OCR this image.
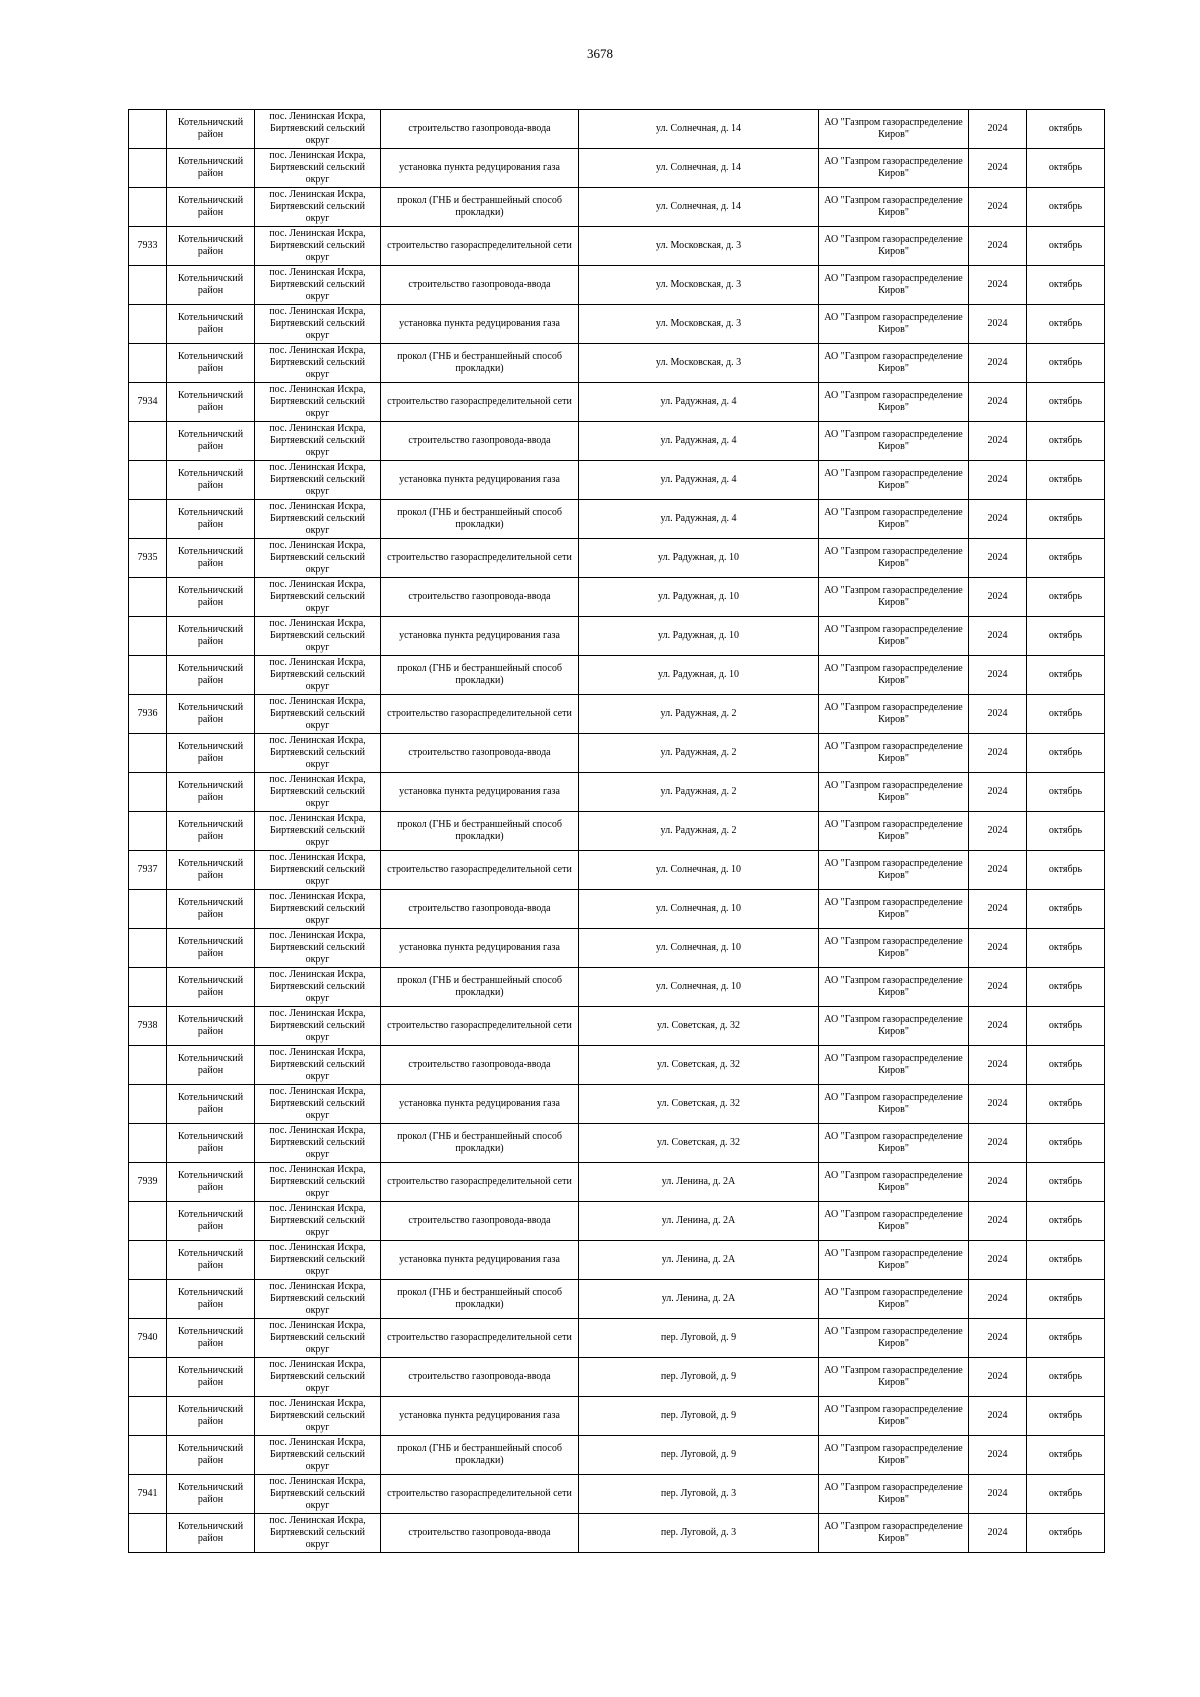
3678

	Котельничский район	пос. Ленинская Искра, Биртяевский сельский округ	строительство газопровода-ввода	ул. Солнечная, д. 14	АО "Газпром газораспределение Киров"	2024	октябрь

	Котельничский район	пос. Ленинская Искра, Биртяевский сельский округ	установка пункта редуцирования газа	ул. Солнечная, д. 14	АО "Газпром газораспределение Киров"	2024	октябрь

	Котельничский район	пос. Ленинская Искра, Биртяевский сельский округ	прокол (ГНБ и бестраншейный способ прокладки)	ул. Солнечная, д. 14	АО "Газпром газораспределение Киров"	2024	октябрь

7933	Котельничский район	пос. Ленинская Искра, Биртяевский сельский округ	строительство газораспределительной сети	ул. Московская, д. 3	АО "Газпром газораспределение Киров"	2024	октябрь

	Котельничский район	пос. Ленинская Искра, Биртяевский сельский округ	строительство газопровода-ввода	ул. Московская, д. 3	АО "Газпром газораспределение Киров"	2024	октябрь

	Котельничский район	пос. Ленинская Искра, Биртяевский сельский округ	установка пункта редуцирования газа	ул. Московская, д. 3	АО "Газпром газораспределение Киров"	2024	октябрь

	Котельничский район	пос. Ленинская Искра, Биртяевский сельский округ	прокол (ГНБ и бестраншейный способ прокладки)	ул. Московская, д. 3	АО "Газпром газораспределение Киров"	2024	октябрь

7934	Котельничский район	пос. Ленинская Искра, Биртяевский сельский округ	строительство газораспределительной сети	ул. Радужная, д. 4	АО "Газпром газораспределение Киров"	2024	октябрь

	Котельничский район	пос. Ленинская Искра, Биртяевский сельский округ	строительство газопровода-ввода	ул. Радужная, д. 4	АО "Газпром газораспределение Киров"	2024	октябрь

	Котельничский район	пос. Ленинская Искра, Биртяевский сельский округ	установка пункта редуцирования газа	ул. Радужная, д. 4	АО "Газпром газораспределение Киров"	2024	октябрь

	Котельничский район	пос. Ленинская Искра, Биртяевский сельский округ	прокол (ГНБ и бестраншейный способ прокладки)	ул. Радужная, д. 4	АО "Газпром газораспределение Киров"	2024	октябрь

7935	Котельничский район	пос. Ленинская Искра, Биртяевский сельский округ	строительство газораспределительной сети	ул. Радужная, д. 10	АО "Газпром газораспределение Киров"	2024	октябрь

	Котельничский район	пос. Ленинская Искра, Биртяевский сельский округ	строительство газопровода-ввода	ул. Радужная, д. 10	АО "Газпром газораспределение Киров"	2024	октябрь

	Котельничский район	пос. Ленинская Искра, Биртяевский сельский округ	установка пункта редуцирования газа	ул. Радужная, д. 10	АО "Газпром газораспределение Киров"	2024	октябрь

	Котельничский район	пос. Ленинская Искра, Биртяевский сельский округ	прокол (ГНБ и бестраншейный способ прокладки)	ул. Радужная, д. 10	АО "Газпром газораспределение Киров"	2024	октябрь

7936	Котельничский район	пос. Ленинская Искра, Биртяевский сельский округ	строительство газораспределительной сети	ул. Радужная, д. 2	АО "Газпром газораспределение Киров"	2024	октябрь

	Котельничский район	пос. Ленинская Искра, Биртяевский сельский округ	строительство газопровода-ввода	ул. Радужная, д. 2	АО "Газпром газораспределение Киров"	2024	октябрь

	Котельничский район	пос. Ленинская Искра, Биртяевский сельский округ	установка пункта редуцирования газа	ул. Радужная, д. 2	АО "Газпром газораспределение Киров"	2024	октябрь

	Котельничский район	пос. Ленинская Искра, Биртяевский сельский округ	прокол (ГНБ и бестраншейный способ прокладки)	ул. Радужная, д. 2	АО "Газпром газораспределение Киров"	2024	октябрь

7937	Котельничский район	пос. Ленинская Искра, Биртяевский сельский округ	строительство газораспределительной сети	ул. Солнечная, д. 10	АО "Газпром газораспределение Киров"	2024	октябрь

	Котельничский район	пос. Ленинская Искра, Биртяевский сельский округ	строительство газопровода-ввода	ул. Солнечная, д. 10	АО "Газпром газораспределение Киров"	2024	октябрь

	Котельничский район	пос. Ленинская Искра, Биртяевский сельский округ	установка пункта редуцирования газа	ул. Солнечная, д. 10	АО "Газпром газораспределение Киров"	2024	октябрь

	Котельничский район	пос. Ленинская Искра, Биртяевский сельский округ	прокол (ГНБ и бестраншейный способ прокладки)	ул. Солнечная, д. 10	АО "Газпром газораспределение Киров"	2024	октябрь

7938	Котельничский район	пос. Ленинская Искра, Биртяевский сельский округ	строительство газораспределительной сети	ул. Советская, д. 32	АО "Газпром газораспределение Киров"	2024	октябрь

	Котельничский район	пос. Ленинская Искра, Биртяевский сельский округ	строительство газопровода-ввода	ул. Советская, д. 32	АО "Газпром газораспределение Киров"	2024	октябрь

	Котельничский район	пос. Ленинская Искра, Биртяевский сельский округ	установка пункта редуцирования газа	ул. Советская, д. 32	АО "Газпром газораспределение Киров"	2024	октябрь

	Котельничский район	пос. Ленинская Искра, Биртяевский сельский округ	прокол (ГНБ и бестраншейный способ прокладки)	ул. Советская, д. 32	АО "Газпром газораспределение Киров"	2024	октябрь

7939	Котельничский район	пос. Ленинская Искра, Биртяевский сельский округ	строительство газораспределительной сети	ул. Ленина, д. 2А	АО "Газпром газораспределение Киров"	2024	октябрь

	Котельничский район	пос. Ленинская Искра, Биртяевский сельский округ	строительство газопровода-ввода	ул. Ленина, д. 2А	АО "Газпром газораспределение Киров"	2024	октябрь

	Котельничский район	пос. Ленинская Искра, Биртяевский сельский округ	установка пункта редуцирования газа	ул. Ленина, д. 2А	АО "Газпром газораспределение Киров"	2024	октябрь

	Котельничский район	пос. Ленинская Искра, Биртяевский сельский округ	прокол (ГНБ и бестраншейный способ прокладки)	ул. Ленина, д. 2А	АО "Газпром газораспределение Киров"	2024	октябрь

7940	Котельничский район	пос. Ленинская Искра, Биртяевский сельский округ	строительство газораспределительной сети	пер. Луговой, д. 9	АО "Газпром газораспределение Киров"	2024	октябрь

	Котельничский район	пос. Ленинская Искра, Биртяевский сельский округ	строительство газопровода-ввода	пер. Луговой, д. 9	АО "Газпром газораспределение Киров"	2024	октябрь

	Котельничский район	пос. Ленинская Искра, Биртяевский сельский округ	установка пункта редуцирования газа	пер. Луговой, д. 9	АО "Газпром газораспределение Киров"	2024	октябрь

	Котельничский район	пос. Ленинская Искра, Биртяевский сельский округ	прокол (ГНБ и бестраншейный способ прокладки)	пер. Луговой, д. 9	АО "Газпром газораспределение Киров"	2024	октябрь

7941	Котельничский район	пос. Ленинская Искра, Биртяевский сельский округ	строительство газораспределительной сети	пер. Луговой, д. 3	АО "Газпром газораспределение Киров"	2024	октябрь

	Котельничский район	пос. Ленинская Искра, Биртяевский сельский округ	строительство газопровода-ввода	пер. Луговой, д. 3	АО "Газпром газораспределение Киров"	2024	октябрь
